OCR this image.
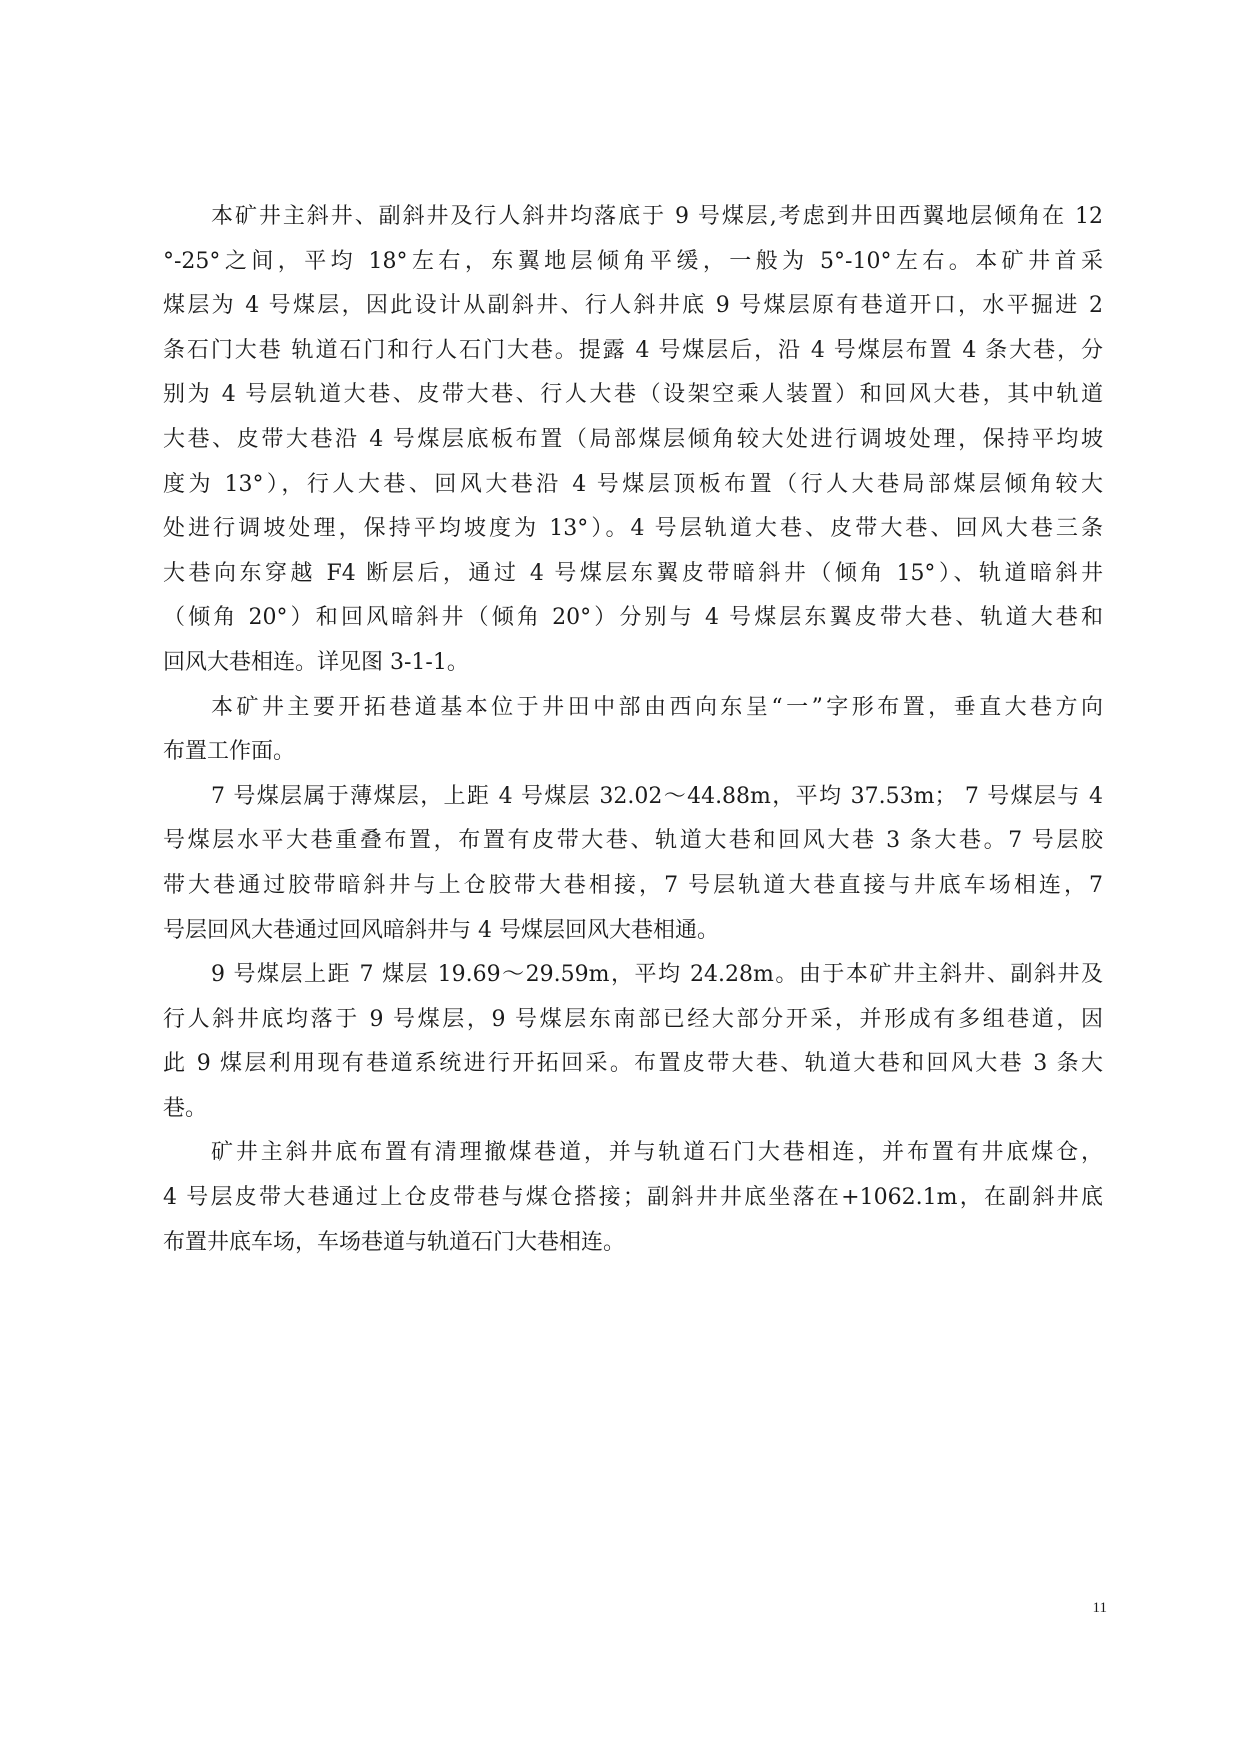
本矿井主斜井、副斜井及行人斜井均落底于 9 号煤层,考虑到井田西翼地层倾角在 12
°-25°之间，平均 18°左右，东翼地层倾角平缓，一般为 5°-10°左右。本矿井首采
煤层为 4 号煤层，因此设计从副斜井、行人斜井底 9 号煤层原有巷道开口，水平掘进 2
条石门大巷 轨道石门和行人石门大巷。提露 4 号煤层后，沿 4 号煤层布置 4 条大巷，分
别为 4 号层轨道大巷、皮带大巷、行人大巷（设架空乘人装置）和回风大巷，其中轨道
大巷、皮带大巷沿 4 号煤层底板布置（局部煤层倾角较大处进行调坡处理，保持平均坡
度为 13°），行人大巷、回风大巷沿 4 号煤层顶板布置（行人大巷局部煤层倾角较大
处进行调坡处理，保持平均坡度为 13°）。4 号层轨道大巷、皮带大巷、回风大巷三条
大巷向东穿越 F4 断层后，通过 4 号煤层东翼皮带暗斜井（倾角 15°）、轨道暗斜井
（倾角 20°）和回风暗斜井（倾角 20°）分别与 4 号煤层东翼皮带大巷、轨道大巷和
回风大巷相连。详见图 3-1-1。
本矿井主要开拓巷道基本位于井田中部由西向东呈“一”字形布置，垂直大巷方向
布置工作面。
7 号煤层属于薄煤层，上距 4 号煤层 32.02～44.88m，平均 37.53m； 7 号煤层与 4
号煤层水平大巷重叠布置，布置有皮带大巷、轨道大巷和回风大巷 3 条大巷。7 号层胶
带大巷通过胶带暗斜井与上仓胶带大巷相接，7 号层轨道大巷直接与井底车场相连，7
号层回风大巷通过回风暗斜井与 4 号煤层回风大巷相通。
9 号煤层上距 7 煤层 19.69～29.59m，平均 24.28m。由于本矿井主斜井、副斜井及
行人斜井底均落于 9 号煤层，9 号煤层东南部已经大部分开采，并形成有多组巷道，因
此 9 煤层利用现有巷道系统进行开拓回采。布置皮带大巷、轨道大巷和回风大巷 3 条大
巷。
矿井主斜井底布置有清理撤煤巷道，并与轨道石门大巷相连，并布置有井底煤仓，
4 号层皮带大巷通过上仓皮带巷与煤仓搭接；副斜井井底坐落在+1062.1m，在副斜井底
布置井底车场，车场巷道与轨道石门大巷相连。
11
